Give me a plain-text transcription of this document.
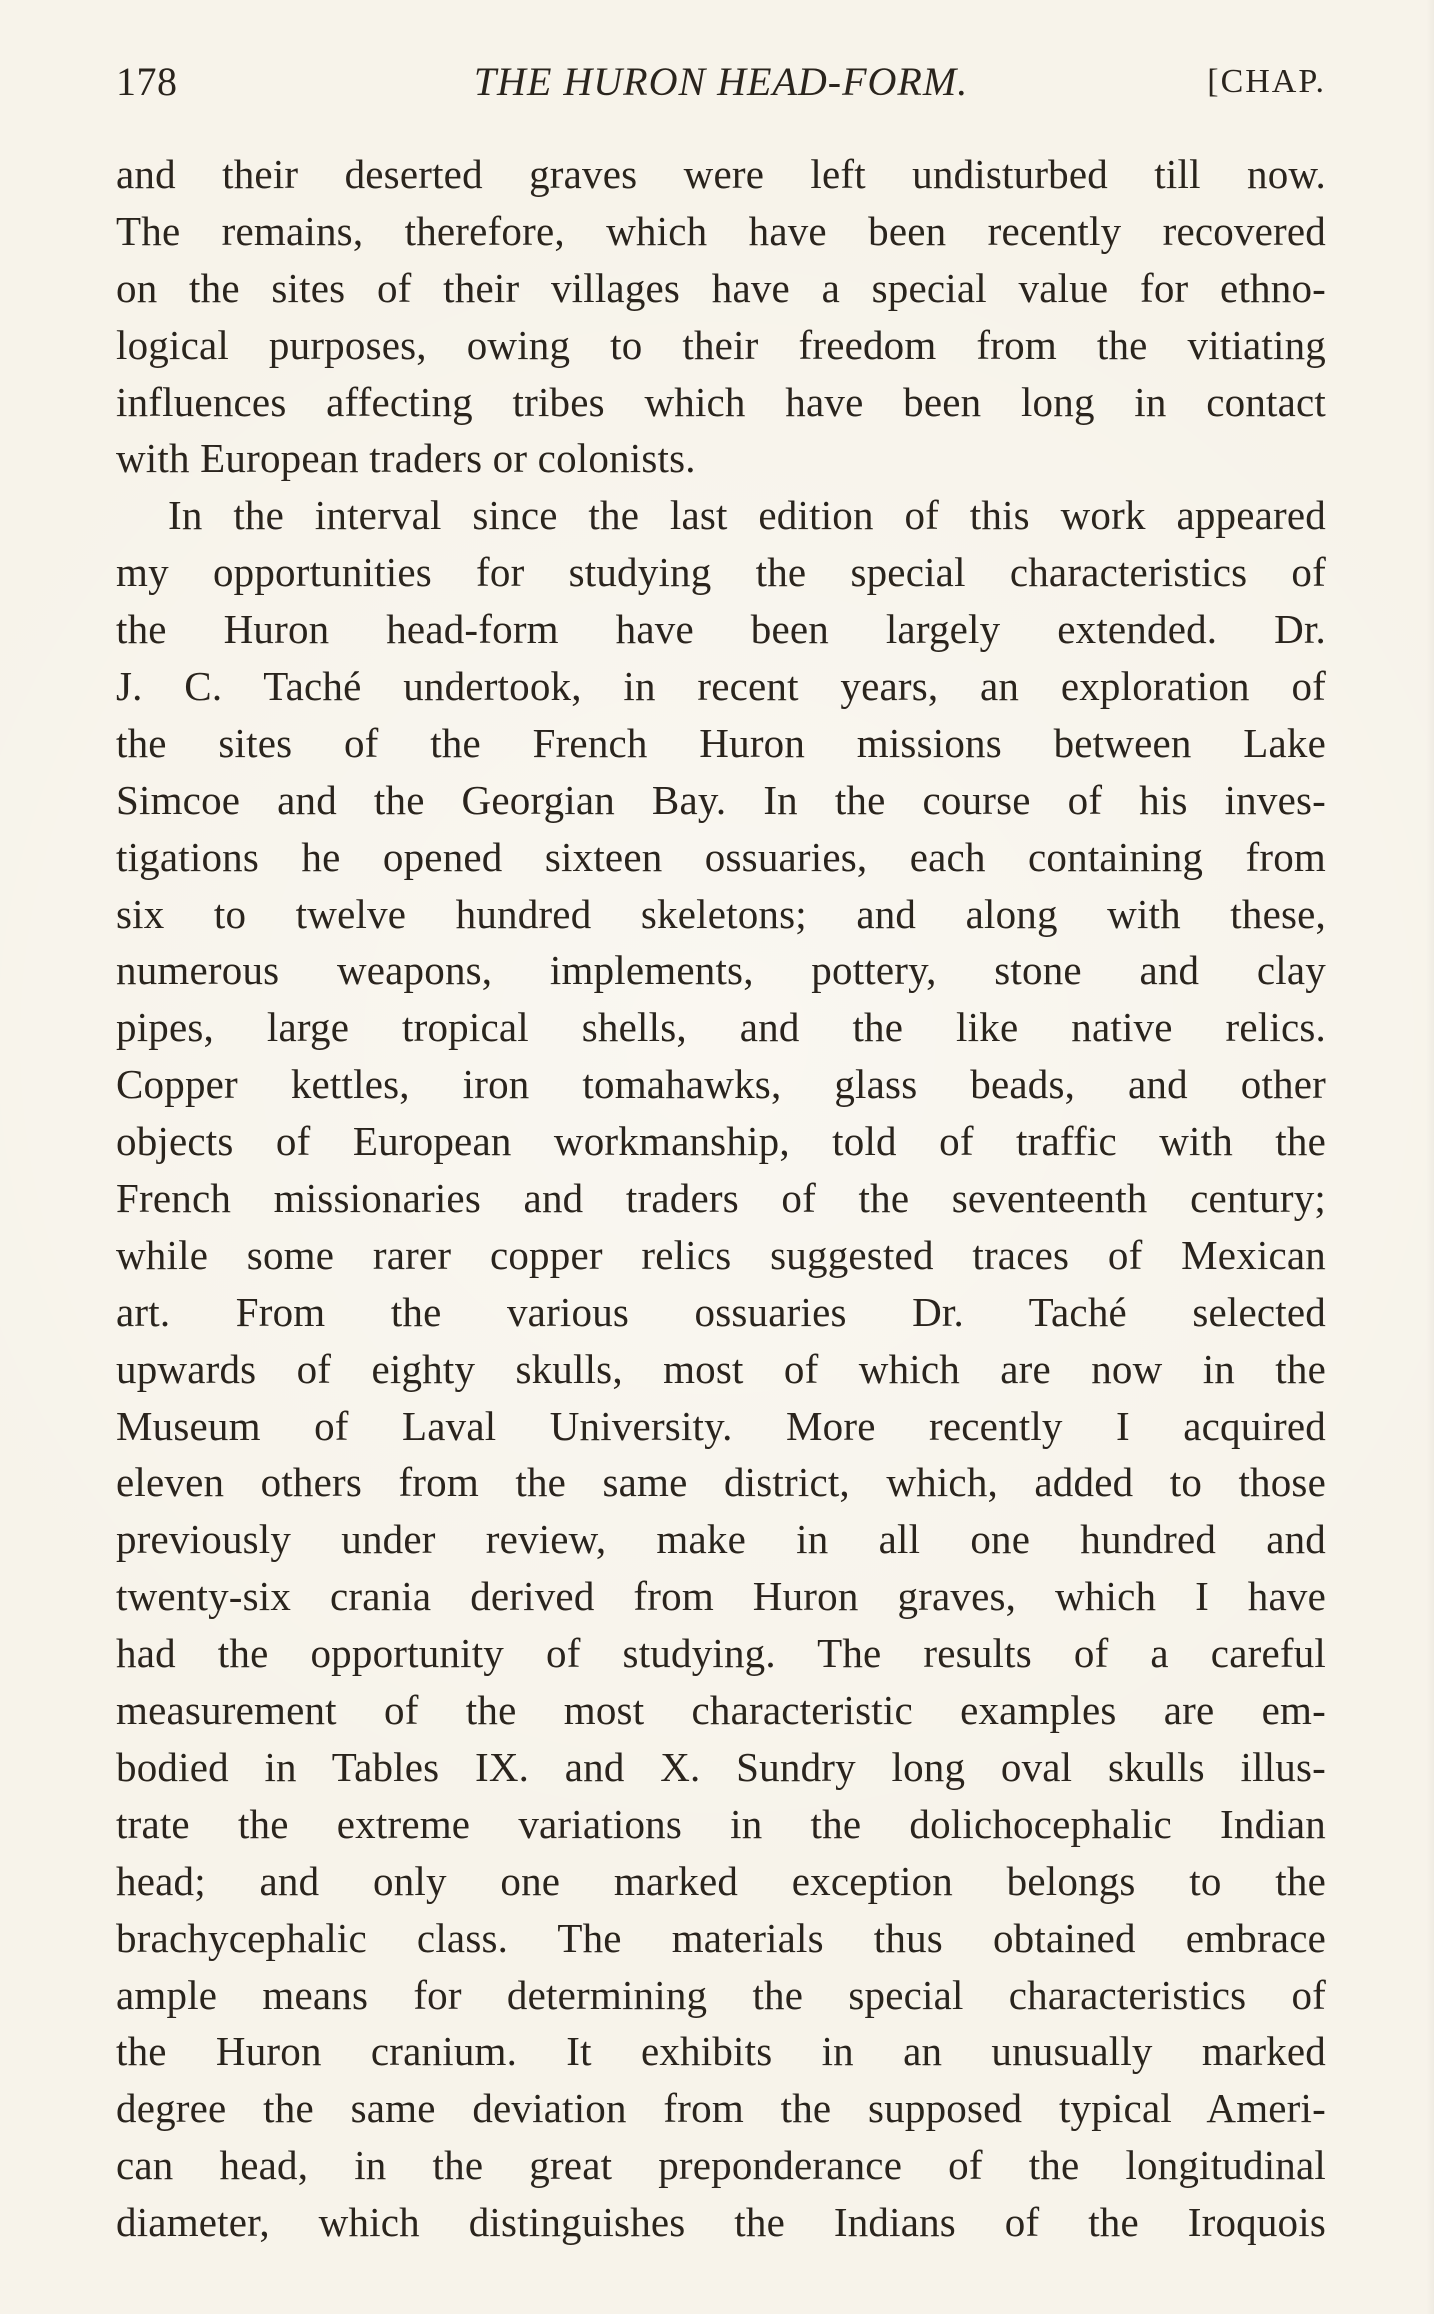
178	THE HURON HEAD-FORM.	[CHAP.
and their deserted graves were left undisturbed till now.
The remains, therefore, which have been recently recovered
on the sites of their villages have a special value for ethno-
logical purposes, owing to their freedom from the vitiating
influences affecting tribes which have been long in contact
with European traders or colonists.
In the interval since the last edition of this work appeared
my opportunities for studying the special characteristics of
the Huron head-form have been largely extended. Dr.
J. C. Taché undertook, in recent years, an exploration of
the sites of the French Huron missions between Lake
Simcoe and the Georgian Bay. In the course of his inves-
tigations he opened sixteen ossuaries, each containing from
six to twelve hundred skeletons; and along with these,
numerous weapons, implements, pottery, stone and clay
pipes, large tropical shells, and the like native relics.
Copper kettles, iron tomahawks, glass beads, and other
objects of European workmanship, told of traffic with the
French missionaries and traders of the seventeenth century;
while some rarer copper relics suggested traces of Mexican
art. From the various ossuaries Dr. Taché selected
upwards of eighty skulls, most of which are now in the
Museum of Laval University. More recently I acquired
eleven others from the same district, which, added to those
previously under review, make in all one hundred and
twenty-six crania derived from Huron graves, which I have
had the opportunity of studying. The results of a careful
measurement of the most characteristic examples are em-
bodied in Tables IX. and X. Sundry long oval skulls illus-
trate the extreme variations in the dolichocephalic Indian
head; and only one marked exception belongs to the
brachycephalic class. The materials thus obtained embrace
ample means for determining the special characteristics of
the Huron cranium. It exhibits in an unusually marked
degree the same deviation from the supposed typical Ameri-
can head, in the great preponderance of the longitudinal
diameter, which distinguishes the Indians of the Iroquois
